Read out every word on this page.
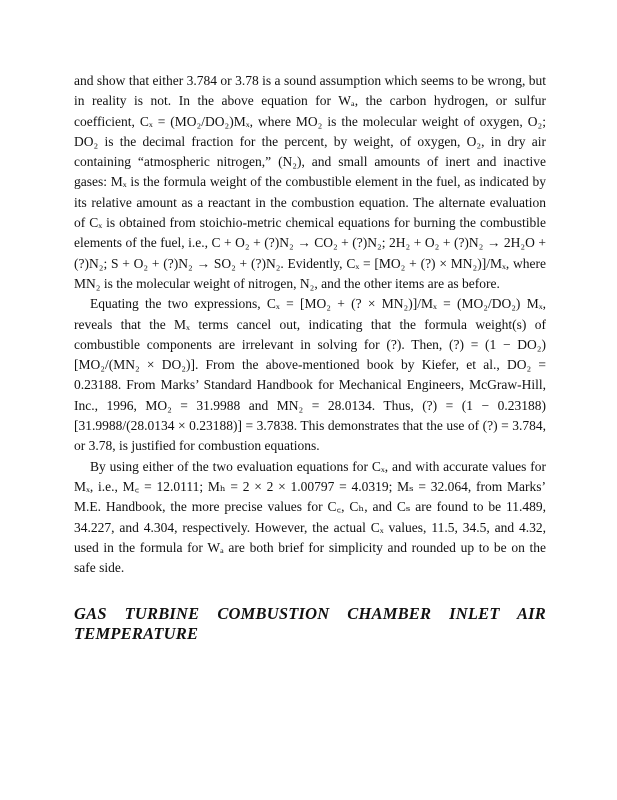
and show that either 3.784 or 3.78 is a sound assumption which seems to be wrong, but in reality is not. In the above equation for Wₐ, the carbon hydrogen, or sulfur coefficient, Cₓ = (MO₂/DO₂)Mₓ, where MO₂ is the molecular weight of oxygen, O₂; DO₂ is the decimal fraction for the percent, by weight, of oxygen, O₂, in dry air containing “atmospheric nitrogen,” (N₂), and small amounts of inert and inactive gases: Mₓ is the formula weight of the combustible element in the fuel, as indicated by its relative amount as a reactant in the combustion equation. The alternate evaluation of Cₓ is obtained from stoichio-metric chemical equations for burning the combustible elements of the fuel, i.e., C + O₂ + (?)N₂ → CO₂ + (?)N₂; 2H₂ + O₂ + (?)N₂ → 2H₂O + (?)N₂; S + O₂ + (?)N₂ → SO₂ + (?)N₂. Evidently, Cₓ = [MO₂ + (?) × MN₂)]/Mₓ, where MN₂ is the molecular weight of nitrogen, N₂, and the other items are as before.

Equating the two expressions, Cₓ = [MO₂ + (? × MN₂)]/Mₓ = (MO₂/DO₂) Mₓ, reveals that the Mₓ terms cancel out, indicating that the formula weight(s) of combustible components are irrelevant in solving for (?). Then, (?) = (1 − DO₂)[MO₂/(MN₂ × DO₂)]. From the above-mentioned book by Kiefer, et al., DO₂ = 0.23188. From Marks’ Standard Handbook for Mechanical Engineers, McGraw-Hill, Inc., 1996, MO₂ = 31.9988 and MN₂ = 28.0134. Thus, (?) = (1 − 0.23188)[31.9988/(28.0134 × 0.23188)] = 3.7838. This demonstrates that the use of (?) = 3.784, or 3.78, is justified for combustion equations.

By using either of the two evaluation equations for Cₓ, and with accurate values for Mₓ, i.e., M꜀ = 12.0111; Mₕ = 2 × 2 × 1.00797 = 4.0319; Mₛ = 32.064, from Marks’ M.E. Handbook, the more precise values for C꜀, Cₕ, and Cₛ are found to be 11.489, 34.227, and 4.304, respectively. However, the actual Cₓ values, 11.5, 34.5, and 4.32, used in the formula for Wₐ are both brief for simplicity and rounded up to be on the safe side.

GAS TURBINE COMBUSTION CHAMBER INLET AIR TEMPERATURE
